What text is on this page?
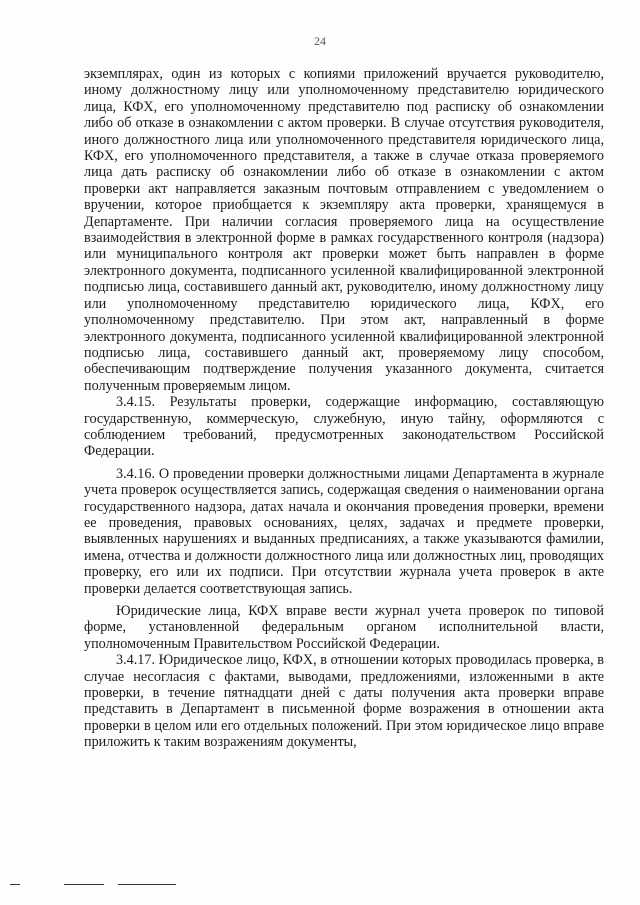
24

экземплярах, один из которых с копиями приложений вручается руководителю, иному должностному лицу или уполномоченному представителю юридического лица, КФХ, его уполномоченному представителю под расписку об ознакомлении либо об отказе в ознакомлении с актом проверки. В случае отсутствия руководителя, иного должностного лица или уполномоченного представителя юридического лица, КФХ, его уполномоченного представителя, а также в случае отказа проверяемого лица дать расписку об ознакомлении либо об отказе в ознакомлении с актом проверки акт направляется заказным почтовым отправлением с уведомлением о вручении, которое приобщается к экземпляру акта проверки, хранящемуся в Департаменте. При наличии согласия проверяемого лица на осуществление взаимодействия в электронной форме в рамках государственного контроля (надзора) или муниципального контроля акт проверки может быть направлен в форме электронного документа, подписанного усиленной квалифицированной электронной подписью лица, составившего данный акт, руководителю, иному должностному лицу или уполномоченному представителю юридического лица, КФХ, его уполномоченному представителю. При этом акт, направленный в форме электронного документа, подписанного усиленной квалифицированной электронной подписью лица, составившего данный акт, проверяемому лицу способом, обеспечивающим подтверждение получения указанного документа, считается полученным проверяемым лицом.

3.4.15. Результаты проверки, содержащие информацию, составляющую государственную, коммерческую, служебную, иную тайну, оформляются с соблюдением требований, предусмотренных законодательством Российской Федерации.

3.4.16. О проведении проверки должностными лицами Департамента в журнале учета проверок осуществляется запись, содержащая сведения о наименовании органа государственного надзора, датах начала и окончания проведения проверки, времени ее проведения, правовых основаниях, целях, задачах и предмете проверки, выявленных нарушениях и выданных предписаниях, а также указываются фамилии, имена, отчества и должности должностного лица или должностных лиц, проводящих проверку, его или их подписи. При отсутствии журнала учета проверок в акте проверки делается соответствующая запись.

Юридические лица, КФХ вправе вести журнал учета проверок по типовой форме, установленной федеральным органом исполнительной власти, уполномоченным Правительством Российской Федерации.

3.4.17. Юридическое лицо, КФХ, в отношении которых проводилась проверка, в случае несогласия с фактами, выводами, предложениями, изложенными в акте проверки, в течение пятнадцати дней с даты получения акта проверки вправе представить в Департамент в письменной форме возражения в отношении акта проверки в целом или его отдельных положений. При этом юридическое лицо вправе приложить к таким возражениям документы,
